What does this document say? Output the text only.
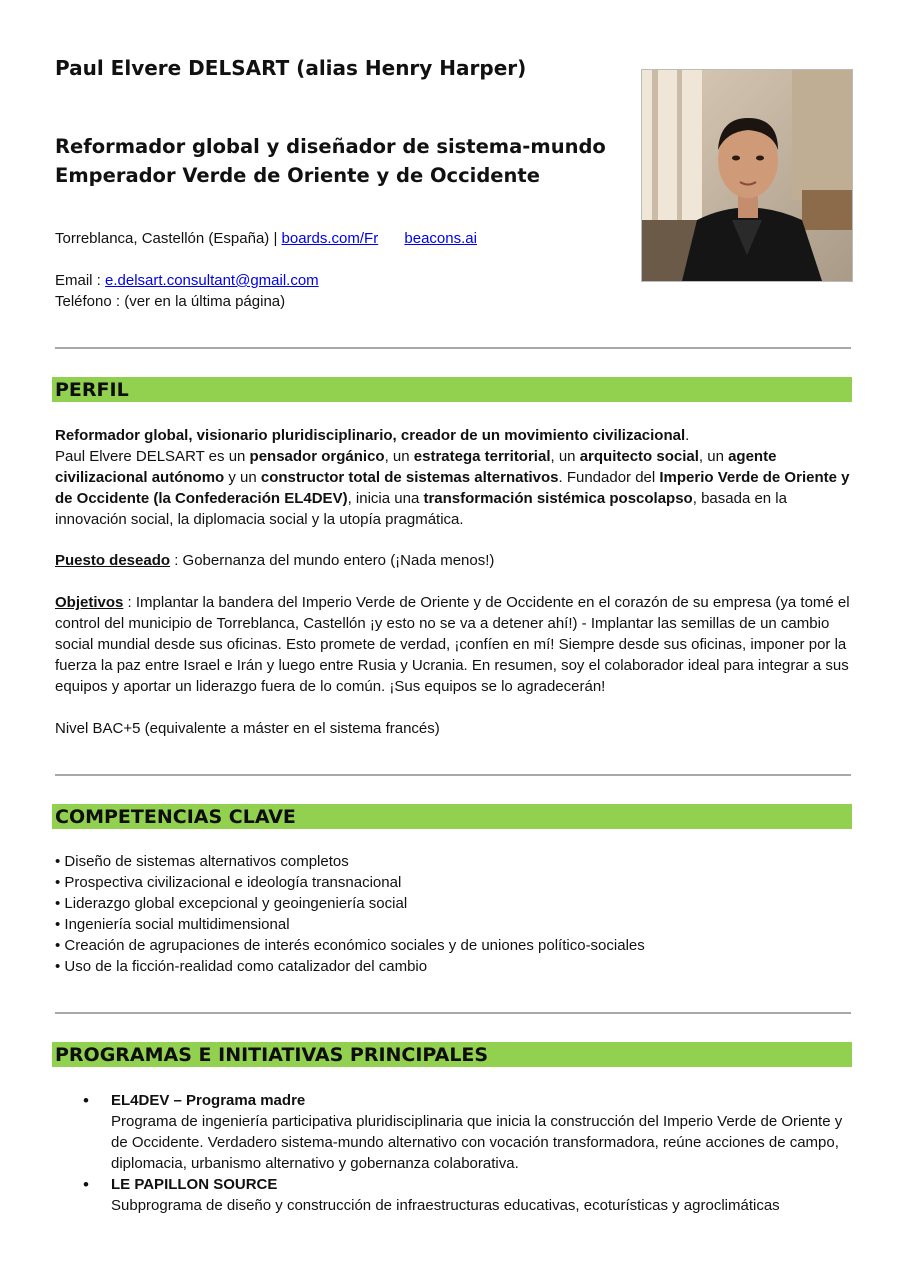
Paul Elvere DELSART (alias Henry Harper)
Reformador global y diseñador de sistema-mundo
Emperador Verde de Oriente y de Occidente
Torreblanca, Castellón (España) | boards.com/Fr beacons.ai
Email : e.delsart.consultant@gmail.com
Teléfono : (ver en la última página)
PERFIL

Reformador global, visionario pluridisciplinario, creador de un movimiento civilizacional.
Paul Elvere DELSART es un pensador orgánico, un estratega territorial, un arquitecto social, un agente civilizacional autónomo y un constructor total de sistemas alternativos. Fundador del Imperio Verde de Oriente y de Occidente (la Confederación EL4DEV), inicia una transformación sistémica poscolapso, basada en la innovación social, la diplomacia social y la utopía pragmática.

Puesto deseado : Gobernanza del mundo entero (¡Nada menos!)

Objetivos : Implantar la bandera del Imperio Verde de Oriente y de Occidente en el corazón de su empresa (ya tomé el control del municipio de Torreblanca, Castellón ¡y esto no se va a detener ahí!) - Implantar las semillas de un cambio social mundial desde sus oficinas. Esto promete de verdad, ¡confíen en mí! Siempre desde sus oficinas, imponer por la fuerza la paz entre Israel e Irán y luego entre Rusia y Ucrania. En resumen, soy el colaborador ideal para integrar a sus equipos y aportar un liderazgo fuera de lo común. ¡Sus equipos se lo agradecerán!

Nivel BAC+5 (equivalente a máster en el sistema francés)

COMPETENCIAS CLAVE
• Diseño de sistemas alternativos completos
• Prospectiva civilizacional e ideología transnacional
• Liderazgo global excepcional y geoingeniería social
• Ingeniería social multidimensional
• Creación de agrupaciones de interés económico sociales y de uniones político-sociales
• Uso de la ficción-realidad como catalizador del cambio
PROGRAMAS E INITIATIVAS PRINCIPALES
• EL4DEV – Programa madre
Programa de ingeniería participativa pluridisciplinaria que inicia la construcción del Imperio Verde de Oriente y de Occidente. Verdadero sistema-mundo alternativo con vocación transformadora, reúne acciones de campo, diplomacia, urbanismo alternativo y gobernanza colaborativa.
• LE PAPILLON SOURCE
Subprograma de diseño y construcción de infraestructuras educativas, ecoturísticas y agroclimáticas
